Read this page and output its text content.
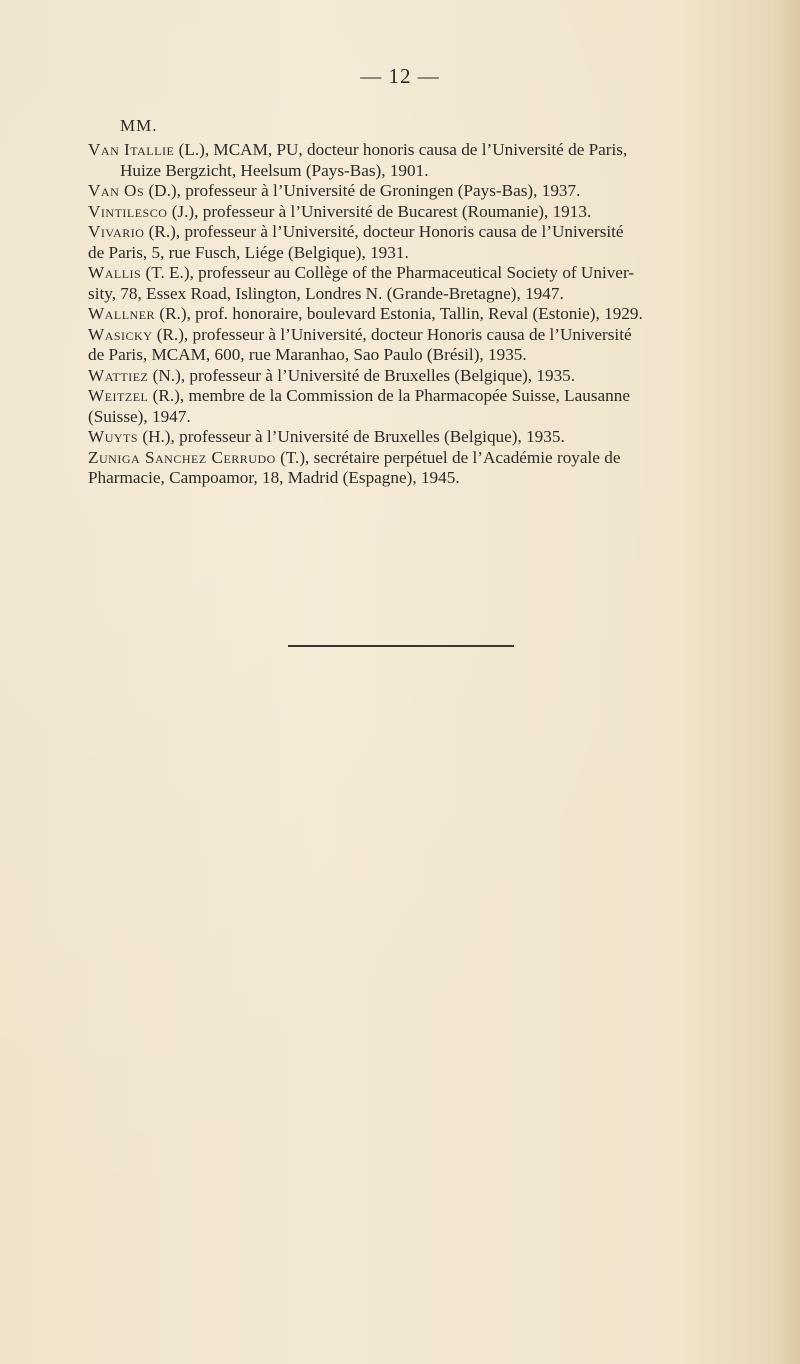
— 12 —
MM.
Van Itallie (L.), MCAM, PU, docteur honoris causa de l’Université de Paris,
Huize Bergzicht, Heelsum (Pays-Bas), 1901.
Van Os (D.), professeur à l’Université de Groningen (Pays-Bas), 1937.
Vintilesco (J.), professeur à l’Université de Bucarest (Roumanie), 1913.
Vivario (R.), professeur à l’Université, docteur Honoris causa de l’Université
de Paris, 5, rue Fusch, Liége (Belgique), 1931.
Wallis (T. E.), professeur au Collège of the Pharmaceutical Society of Univer-
sity, 78, Essex Road, Islington, Londres N. (Grande-Bretagne), 1947.
Wallner (R.), prof. honoraire, boulevard Estonia, Tallin, Reval (Estonie), 1929.
Wasicky (R.), professeur à l’Université, docteur Honoris causa de l’Université
de Paris, MCAM, 600, rue Maranhao, Sao Paulo (Brésil), 1935.
Wattiez (N.), professeur à l’Université de Bruxelles (Belgique), 1935.
Weitzel (R.), membre de la Commission de la Pharmacopée Suisse, Lausanne
(Suisse), 1947.
Wuyts (H.), professeur à l’Université de Bruxelles (Belgique), 1935.
Zuniga Sanchez Cerrudo (T.), secrétaire perpétuel de l’Académie royale de
Pharmacie, Campoamor, 18, Madrid (Espagne), 1945.
